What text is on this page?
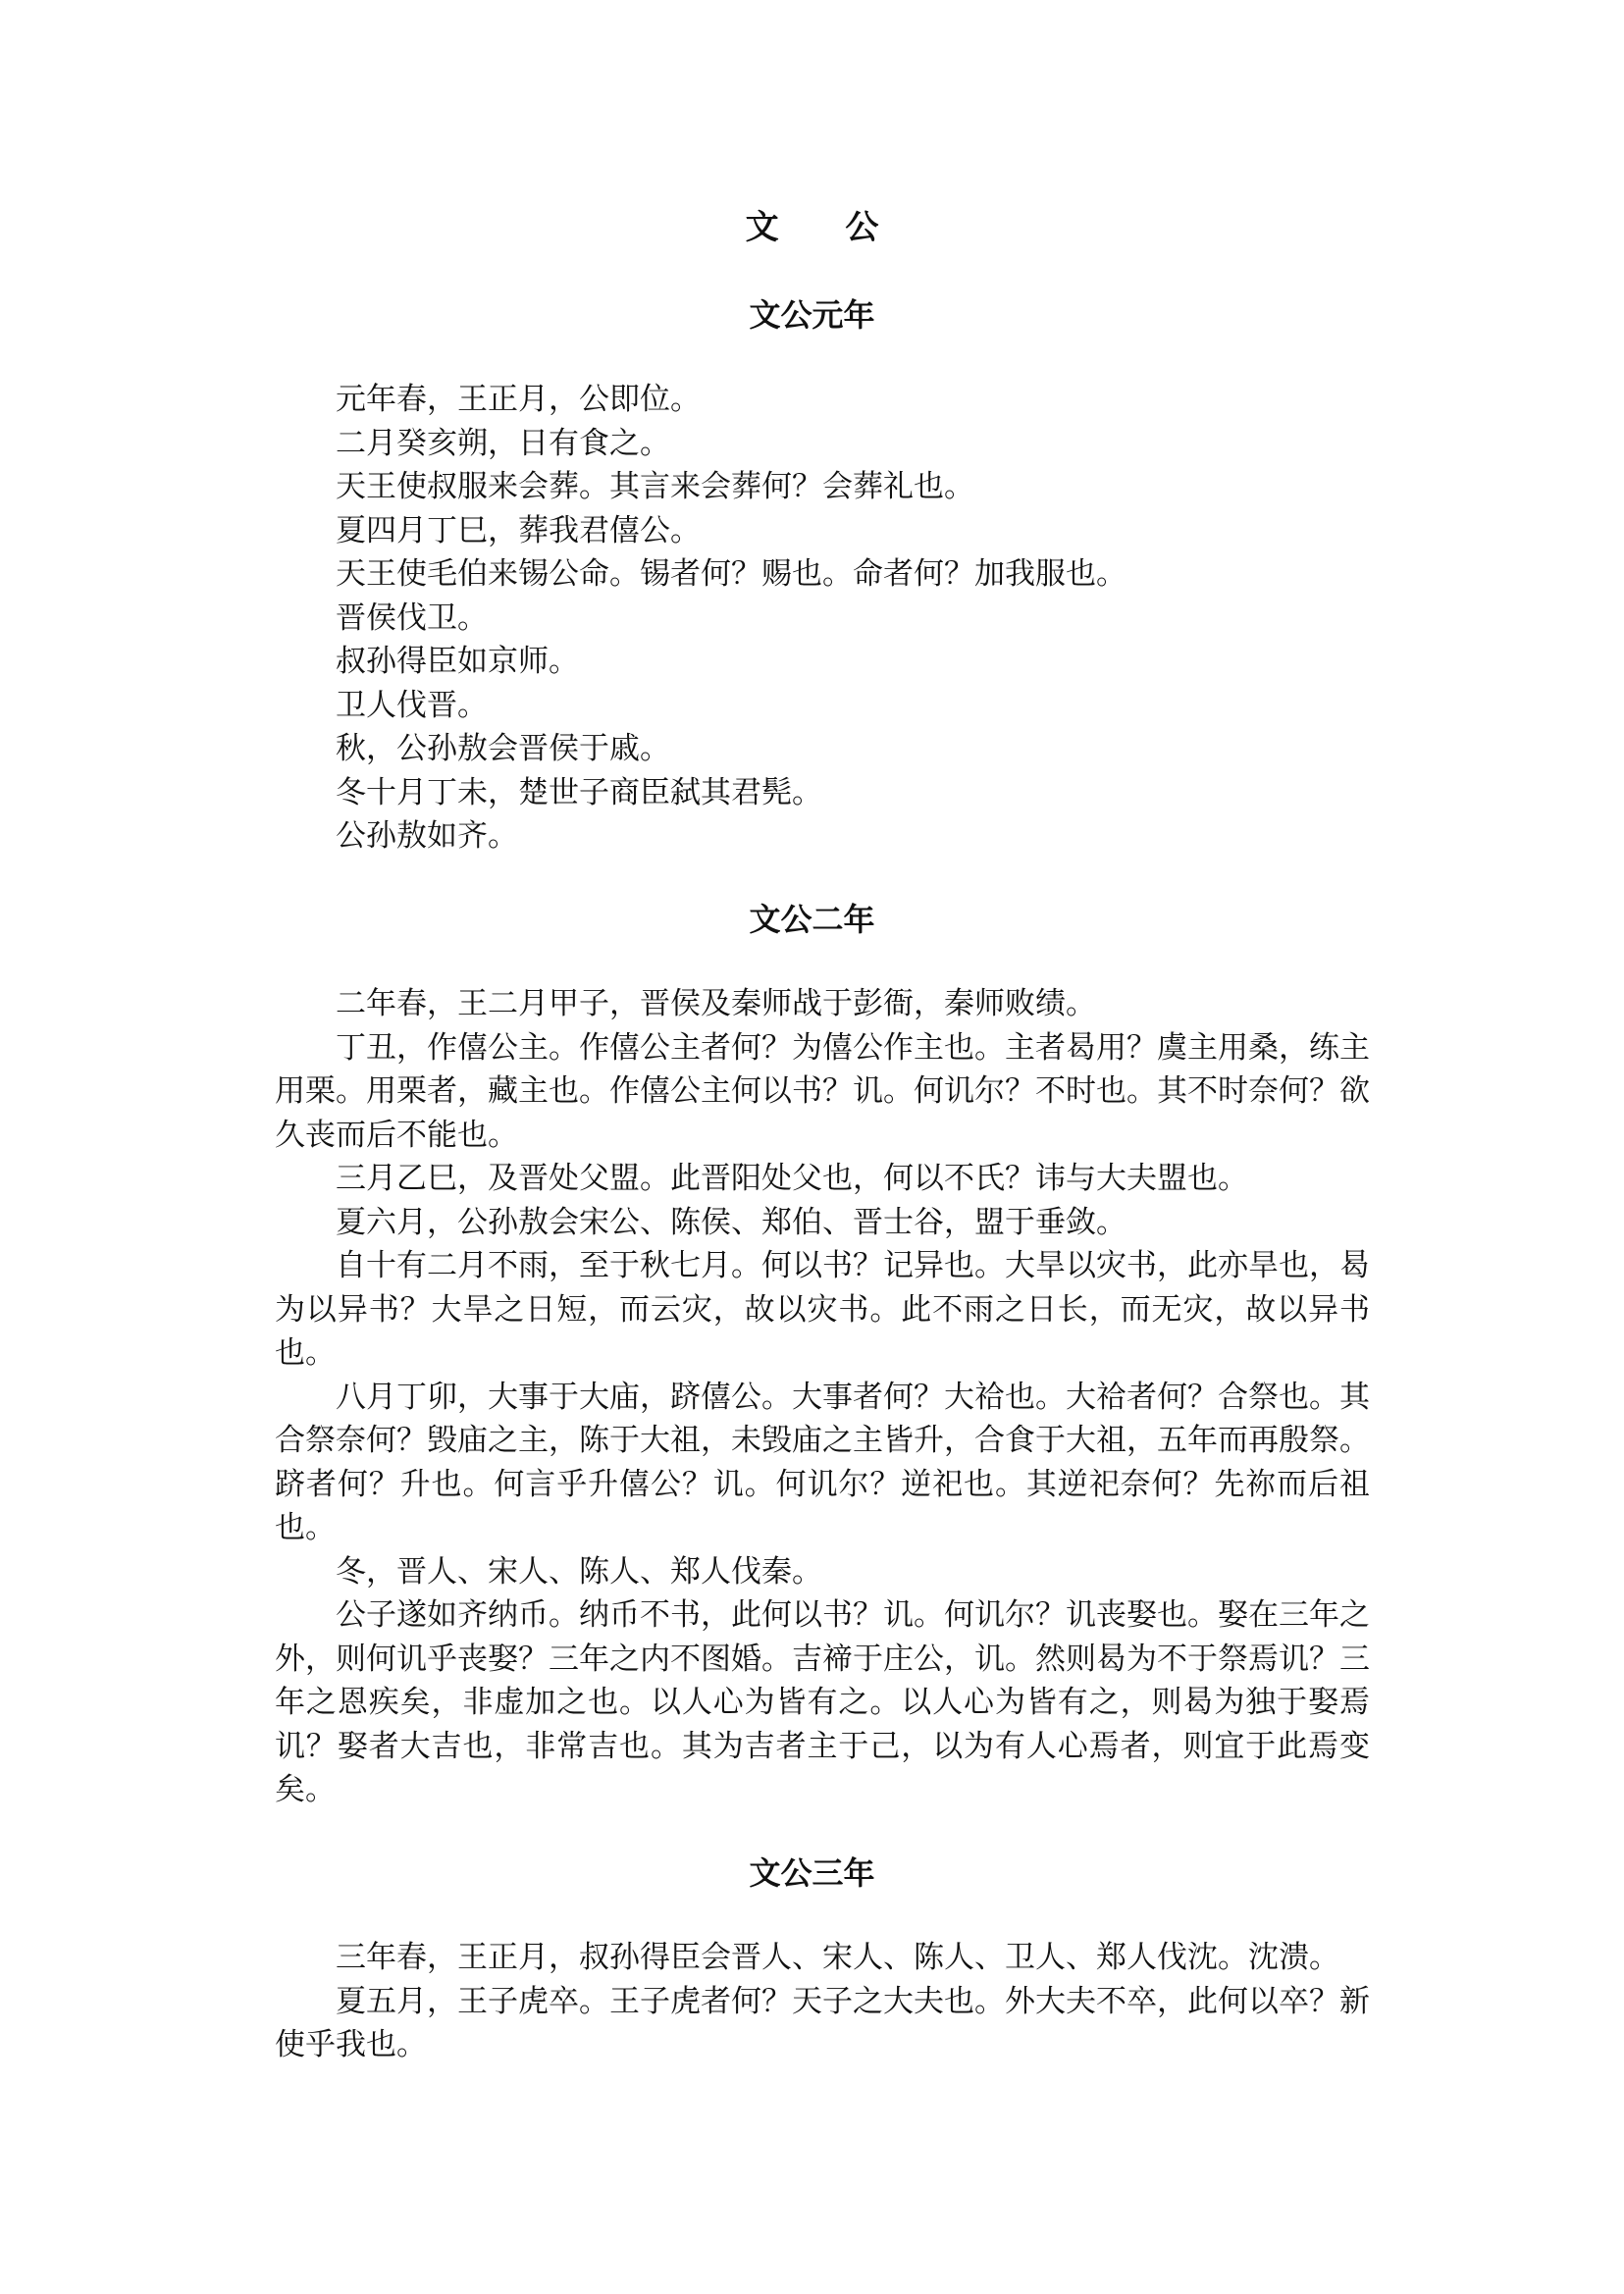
文 公
文公元年

元年春，王正月，公即位。

二月癸亥朔，日有食之。

天王使叔服来会葬。其言来会葬何？会葬礼也。

夏四月丁巳，葬我君僖公。

天王使毛伯来锡公命。锡者何？赐也。命者何？加我服也。

晋侯伐卫。

叔孙得臣如京师。

卫人伐晋。

秋，公孙敖会晋侯于戚。

冬十月丁未，楚世子商臣弑其君髡。

公孙敖如齐。

文公二年

二年春，王二月甲子，晋侯及秦师战于彭衙，秦师败绩。

丁丑，作僖公主。作僖公主者何？为僖公作主也。主者曷用？虞主用桑，练主用栗。用栗者，藏主也。作僖公主何以书？讥。何讥尔？不时也。其不时奈何？欲久丧而后不能也。

三月乙巳，及晋处父盟。此晋阳处父也，何以不氏？讳与大夫盟也。

夏六月，公孙敖会宋公、陈侯、郑伯、晋士谷，盟于垂敛。

自十有二月不雨，至于秋七月。何以书？记异也。大旱以灾书，此亦旱也，曷为以异书？大旱之日短，而云灾，故以灾书。此不雨之日长，而无灾，故以异书也。

八月丁卯，大事于大庙，跻僖公。大事者何？大祫也。大祫者何？合祭也。其合祭奈何？毁庙之主，陈于大祖，未毁庙之主皆升，合食于大祖，五年而再殷祭。跻者何？升也。何言乎升僖公？讥。何讥尔？逆祀也。其逆祀奈何？先祢而后祖也。

冬，晋人、宋人、陈人、郑人伐秦。

公子遂如齐纳币。纳币不书，此何以书？讥。何讥尔？讥丧娶也。娶在三年之外，则何讥乎丧娶？三年之内不图婚。吉禘于庄公，讥。然则曷为不于祭焉讥？三年之恩疾矣，非虚加之也。以人心为皆有之。以人心为皆有之，则曷为独于娶焉讥？娶者大吉也，非常吉也。其为吉者主于己，以为有人心焉者，则宜于此焉变矣。

文公三年

三年春，王正月，叔孙得臣会晋人、宋人、陈人、卫人、郑人伐沈。沈溃。

夏五月，王子虎卒。王子虎者何？天子之大夫也。外大夫不卒，此何以卒？新使乎我也。
